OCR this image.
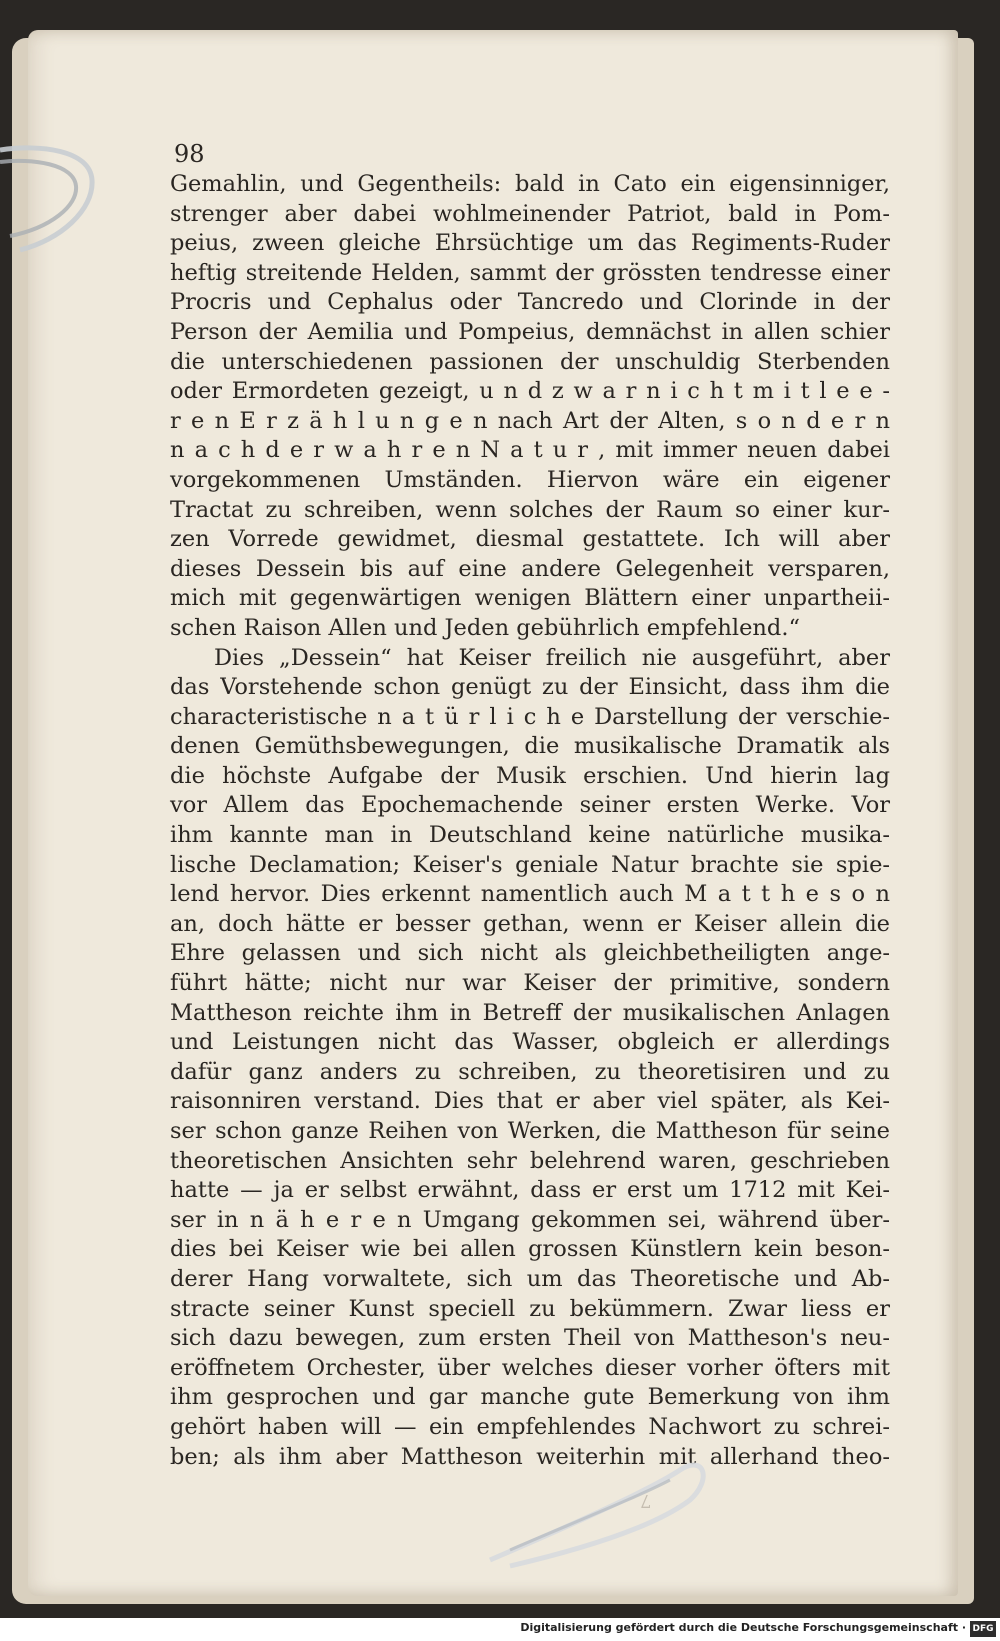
98
Gemahlin, und Gegentheils: bald in Cato ein eigensinniger,
strenger aber dabei wohlmeinender Patriot, bald in Pom-
peius, zween gleiche Ehrsüchtige um das Regiments-Ruder
heftig streitende Helden, sammt der grössten tendresse einer
Procris und Cephalus oder Tancredo und Clorinde in der
Person der Aemilia und Pompeius, demnächst in allen schier
die unterschiedenen passionen der unschuldig Sterbenden
oder Ermordeten gezeigt, u n d z w a r n i c h t m i t l e e -
r e n E r z ä h l u n g e n nach Art der Alten, s o n d e r n
n a c h d e r w a h r e n N a t u r , mit immer neuen dabei
vorgekommenen Umständen. Hiervon wäre ein eigener
Tractat zu schreiben, wenn solches der Raum so einer kur-
zen Vorrede gewidmet, diesmal gestattete. Ich will aber
dieses Dessein bis auf eine andere Gelegenheit versparen,
mich mit gegenwärtigen wenigen Blättern einer unpartheii-
schen Raison Allen und Jeden gebührlich empfehlend.“
Dies „Dessein“ hat Keiser freilich nie ausgeführt, aber
das Vorstehende schon genügt zu der Einsicht, dass ihm die
characteristische n a t ü r l i c h e Darstellung der verschie-
denen Gemüthsbewegungen, die musikalische Dramatik als
die höchste Aufgabe der Musik erschien. Und hierin lag
vor Allem das Epochemachende seiner ersten Werke. Vor
ihm kannte man in Deutschland keine natürliche musika-
lische Declamation; Keiser's geniale Natur brachte sie spie-
lend hervor. Dies erkennt namentlich auch M a t t h e s o n
an, doch hätte er besser gethan, wenn er Keiser allein die
Ehre gelassen und sich nicht als gleichbetheiligten ange-
führt hätte; nicht nur war Keiser der primitive, sondern
Mattheson reichte ihm in Betreff der musikalischen Anlagen
und Leistungen nicht das Wasser, obgleich er allerdings
dafür ganz anders zu schreiben, zu theoretisiren und zu
raisonniren verstand. Dies that er aber viel später, als Kei-
ser schon ganze Reihen von Werken, die Mattheson für seine
theoretischen Ansichten sehr belehrend waren, geschrieben
hatte — ja er selbst erwähnt, dass er erst um 1712 mit Kei-
ser in n ä h e r e n Umgang gekommen sei, während über-
dies bei Keiser wie bei allen grossen Künstlern kein beson-
derer Hang vorwaltete, sich um das Theoretische und Ab-
stracte seiner Kunst speciell zu bekümmern. Zwar liess er
sich dazu bewegen, zum ersten Theil von Mattheson's neu-
eröffnetem Orchester, über welches dieser vorher öfters mit
ihm gesprochen und gar manche gute Bemerkung von ihm
gehört haben will — ein empfehlendes Nachwort zu schrei-
ben; als ihm aber Mattheson weiterhin mit allerhand theo-
7
Digitalisierung gefördert durch die Deutsche Forschungsgemeinschaft · DFG
